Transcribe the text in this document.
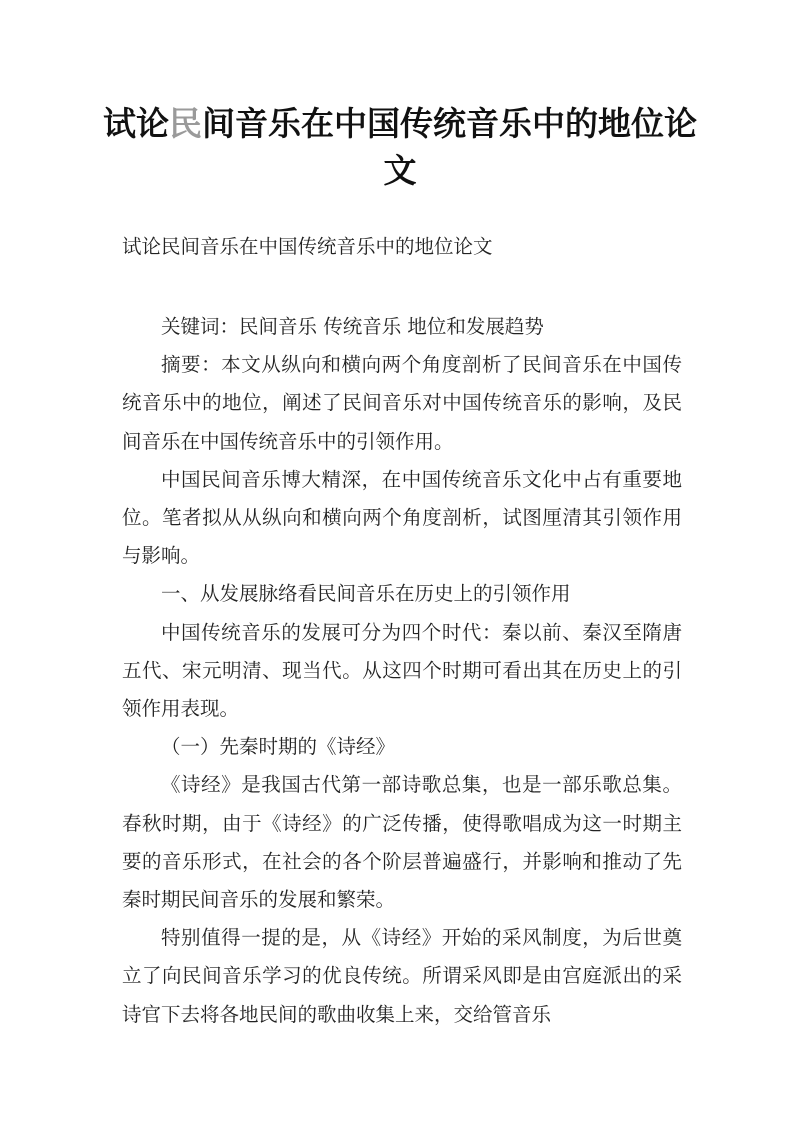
试论民间音乐在中国传统音乐中的地位论文

试论民间音乐在中国传统音乐中的地位论文

关键词：民间音乐 传统音乐 地位和发展趋势

摘要：本文从纵向和横向两个角度剖析了民间音乐在中国传统音乐中的地位，阐述了民间音乐对中国传统音乐的影响，及民间音乐在中国传统音乐中的引领作用。

中国民间音乐博大精深，在中国传统音乐文化中占有重要地位。笔者拟从从纵向和横向两个角度剖析，试图厘清其引领作用与影响。

一、从发展脉络看民间音乐在历史上的引领作用

中国传统音乐的发展可分为四个时代：秦以前、秦汉至隋唐五代、宋元明清、现当代。从这四个时期可看出其在历史上的引领作用表现。

（一）先秦时期的《诗经》

《诗经》是我国古代第一部诗歌总集，也是一部乐歌总集。春秋时期，由于《诗经》的广泛传播，使得歌唱成为这一时期主要的音乐形式，在社会的各个阶层普遍盛行，并影响和推动了先秦时期民间音乐的发展和繁荣。

特别值得一提的是，从《诗经》开始的采风制度，为后世奠立了向民间音乐学习的优良传统。所谓采风即是由宫庭派出的采诗官下去将各地民间的歌曲收集上来，交给管音乐
